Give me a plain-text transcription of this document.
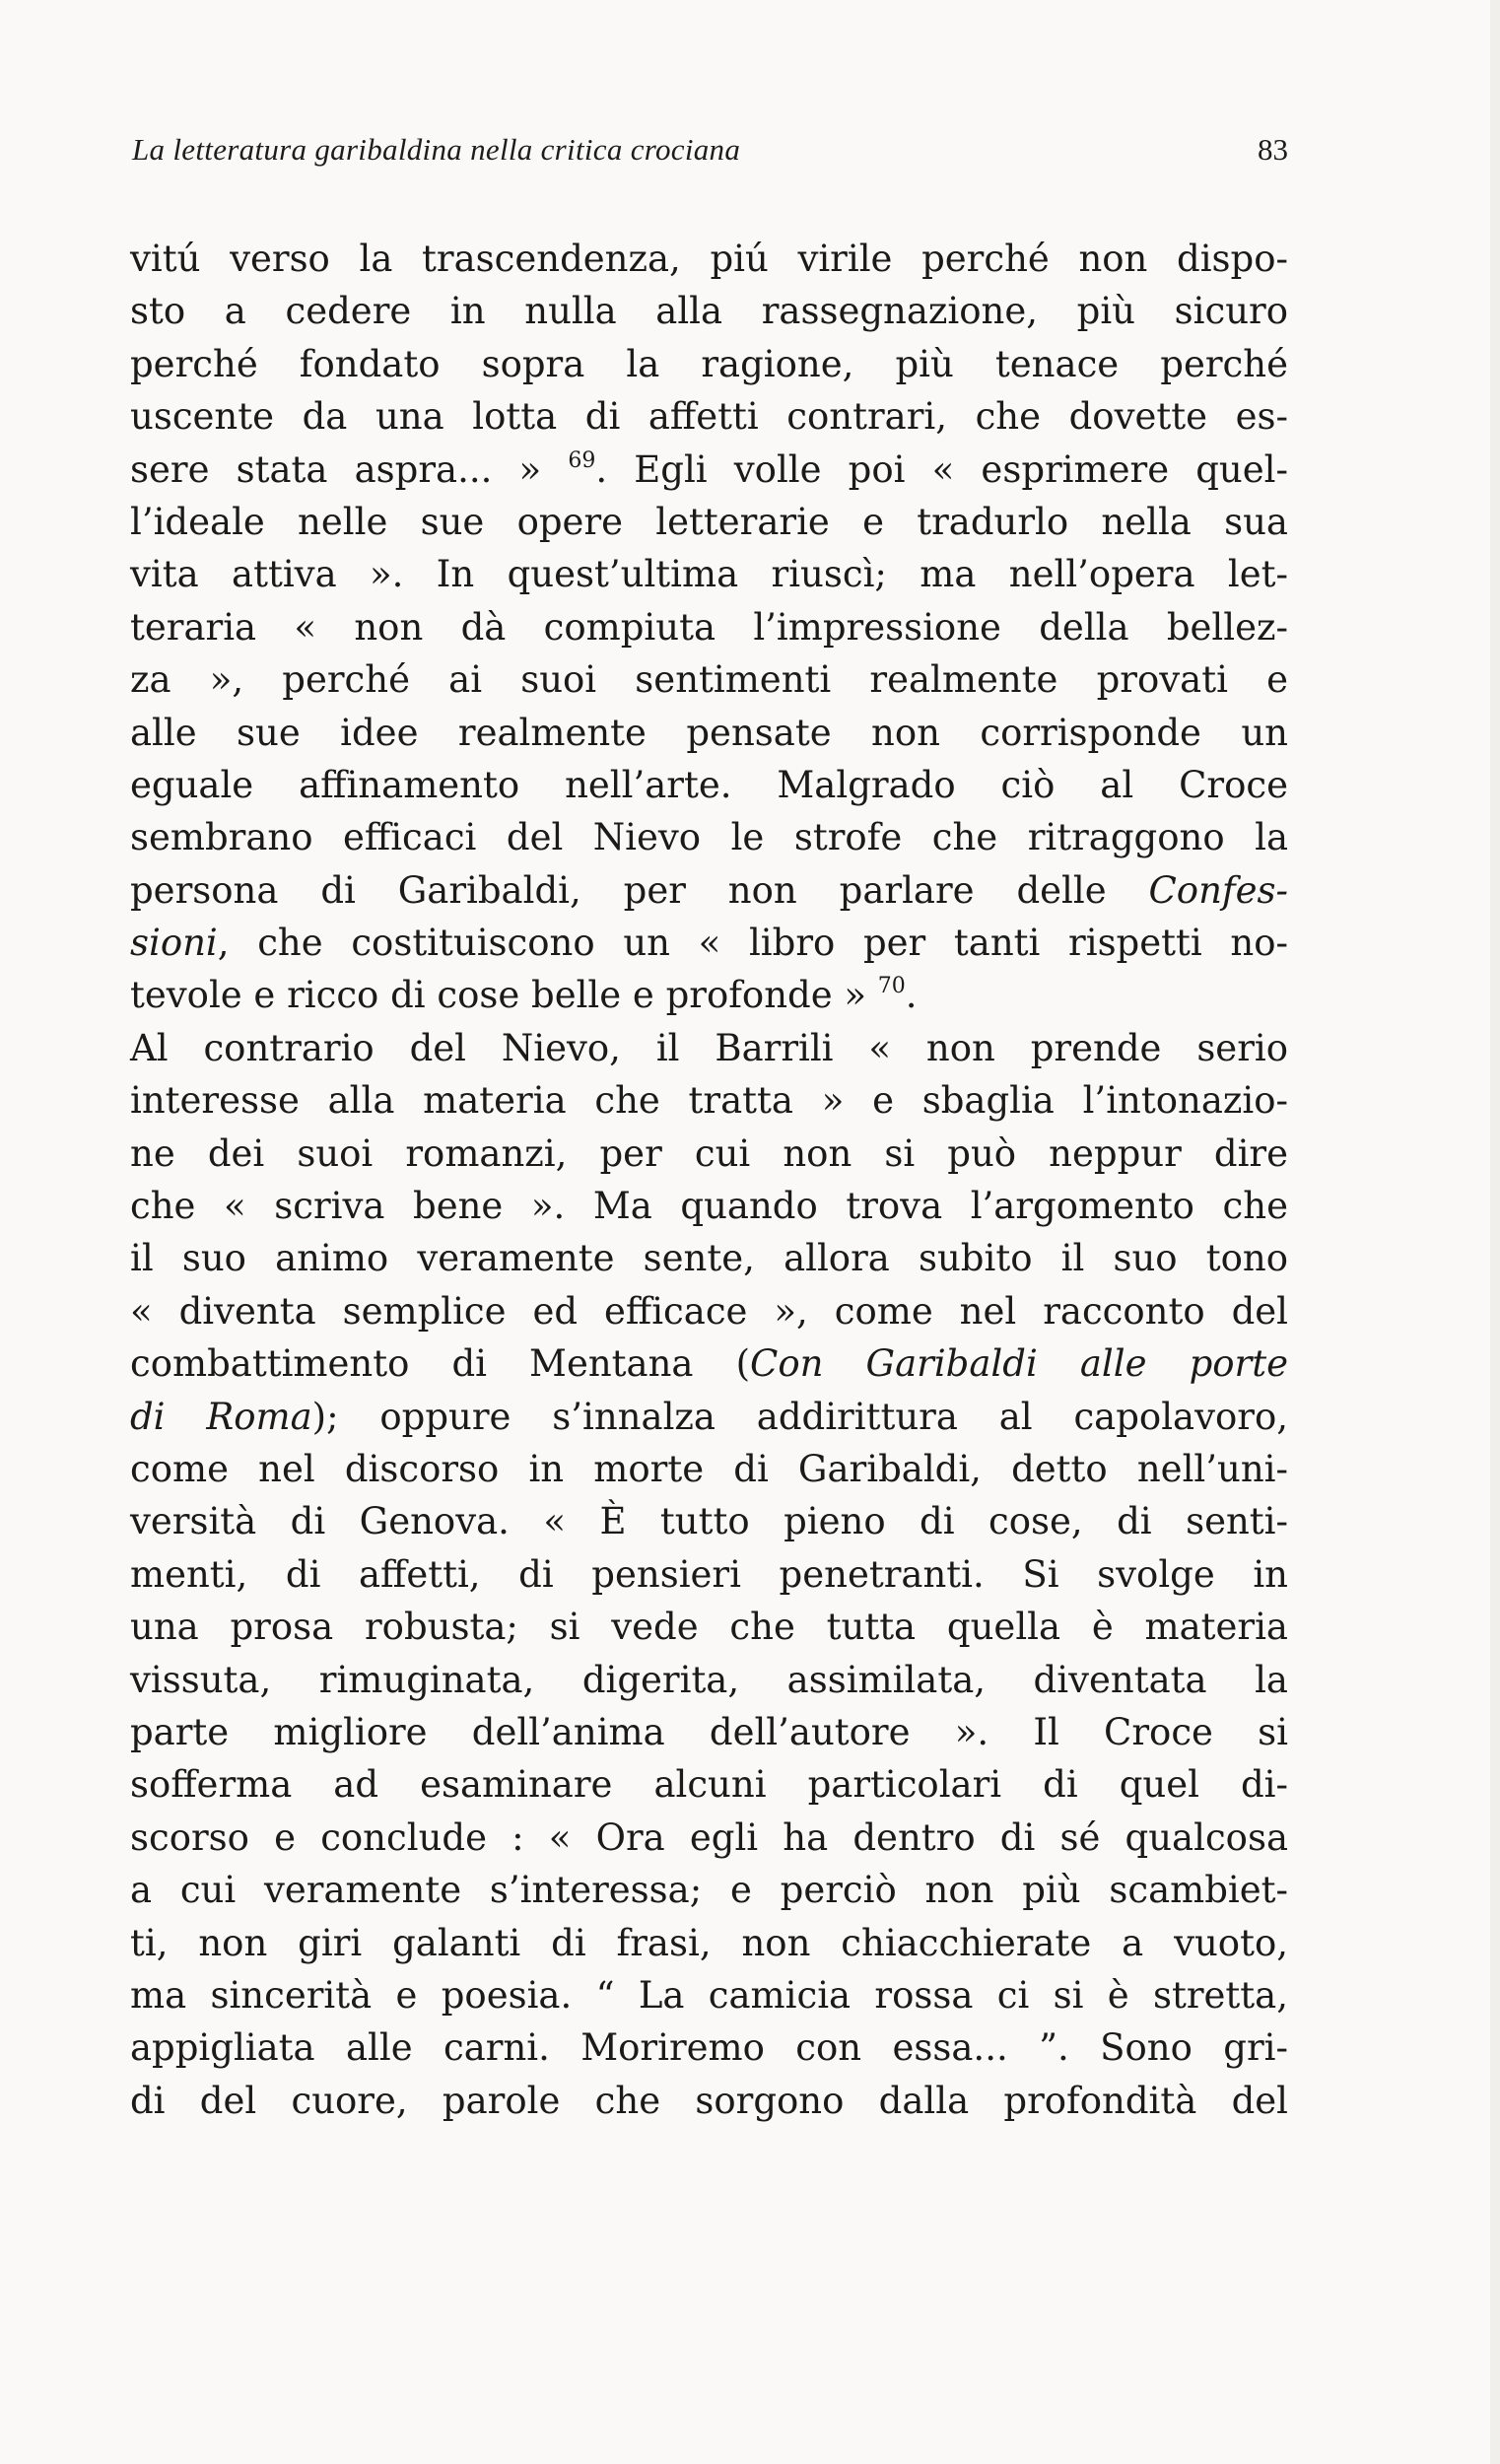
La letteratura garibaldina nella critica crociana	83
vitú verso la trascendenza, piú virile perché non dispo-
sto a cedere in nulla alla rassegnazione, più sicuro
perché fondato sopra la ragione, più tenace perché
uscente da una lotta di affetti contrari, che dovette es-
sere stata aspra... » $^{69}$. Egli volle poi « esprimere quel-
l’ideale nelle sue opere letterarie e tradurlo nella sua
vita attiva ». In quest’ultima riuscì; ma nell’opera let-
teraria « non dà compiuta l’impressione della bellez-
za », perché ai suoi sentimenti realmente provati e
alle sue idee realmente pensate non corrisponde un
eguale affinamento nell’arte. Malgrado ciò al Croce
sembrano efficaci del Nievo le strofe che ritraggono la
persona di Garibaldi, per non parlare delle Confes-
sioni, che costituiscono un « libro per tanti rispetti no-
tevole e ricco di cose belle e profonde » $^{70}$.
Al contrario del Nievo, il Barrili « non prende serio
interesse alla materia che tratta » e sbaglia l’intonazio-
ne dei suoi romanzi, per cui non si può neppur dire
che « scriva bene ». Ma quando trova l’argomento che
il suo animo veramente sente, allora subito il suo tono
« diventa semplice ed efficace », come nel racconto del
combattimento di Mentana (Con Garibaldi alle porte
di Roma); oppure s’innalza addirittura al capolavoro,
come nel discorso in morte di Garibaldi, detto nell’uni-
versità di Genova. « È tutto pieno di cose, di senti-
menti, di affetti, di pensieri penetranti. Si svolge in
una prosa robusta; si vede che tutta quella è materia
vissuta, rimuginata, digerita, assimilata, diventata la
parte migliore dell’anima dell’autore ». Il Croce si
sofferma ad esaminare alcuni particolari di quel di-
scorso e conclude : « Ora egli ha dentro di sé qualcosa
a cui veramente s’interessa; e perciò non più scambiet-
ti, non giri galanti di frasi, non chiacchierate a vuoto,
ma sincerità e poesia. “ La camicia rossa ci si è stretta,
appigliata alle carni. Moriremo con essa... ”. Sono gri-
di del cuore, parole che sorgono dalla profondità del
